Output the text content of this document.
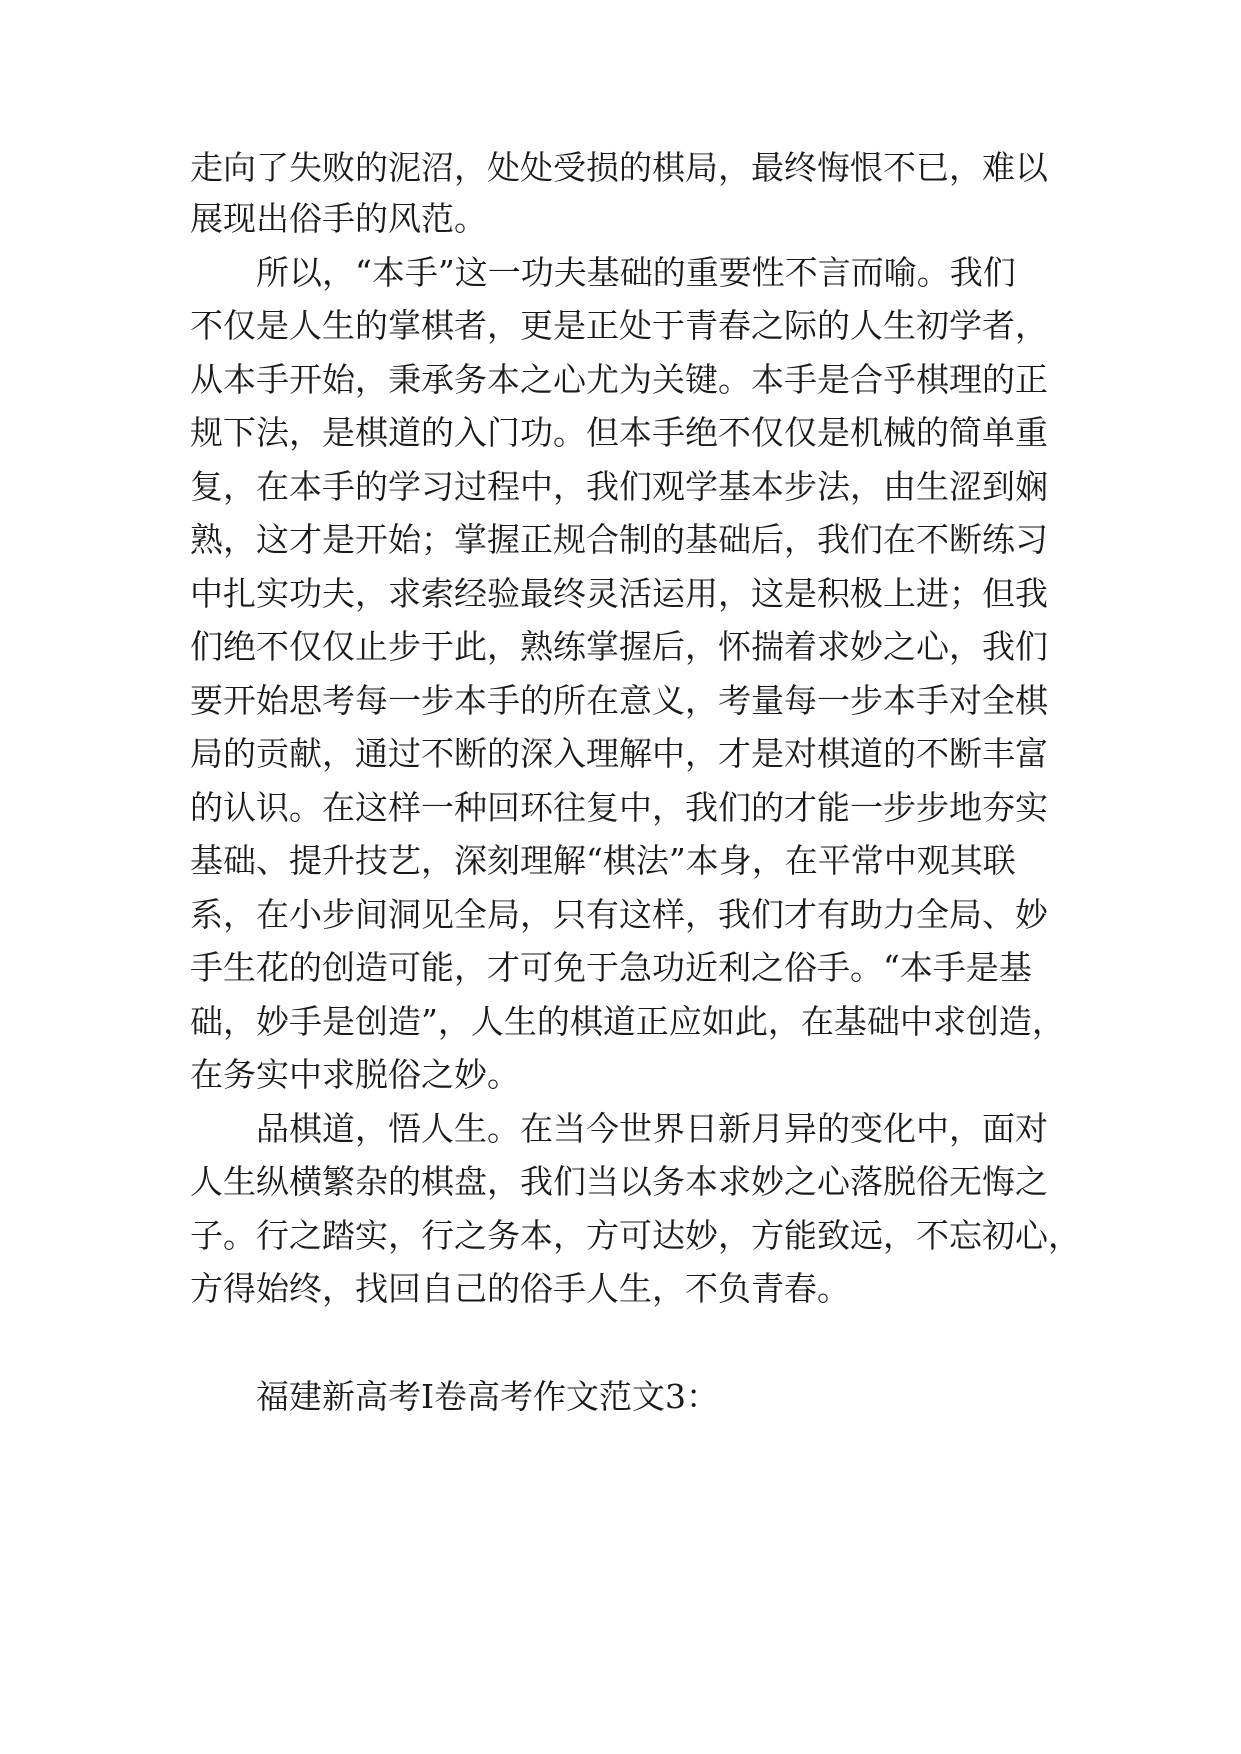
走向了失败的泥沼，处处受损的棋局，最终悔恨不已，难以
展现出俗手的风范。
所以，“本手”这一功夫基础的重要性不言而喻。我们
不仅是人生的掌棋者，更是正处于青春之际的人生初学者，
从本手开始，秉承务本之心尤为关键。本手是合乎棋理的正
规下法，是棋道的入门功。但本手绝不仅仅是机械的简单重
复，在本手的学习过程中，我们观学基本步法，由生涩到娴
熟，这才是开始；掌握正规合制的基础后，我们在不断练习
中扎实功夫，求索经验最终灵活运用，这是积极上进；但我
们绝不仅仅止步于此，熟练掌握后，怀揣着求妙之心，我们
要开始思考每一步本手的所在意义，考量每一步本手对全棋
局的贡献，通过不断的深入理解中，才是对棋道的不断丰富
的认识。在这样一种回环往复中，我们的才能一步步地夯实
基础、提升技艺，深刻理解“棋法”本身，在平常中观其联
系，在小步间洞见全局，只有这样，我们才有助力全局、妙
手生花的创造可能，才可免于急功近利之俗手。“本手是基
础，妙手是创造”，人生的棋道正应如此，在基础中求创造，
在务实中求脱俗之妙。
品棋道，悟人生。在当今世界日新月异的变化中，面对
人生纵横繁杂的棋盘，我们当以务本求妙之心落脱俗无悔之
子。行之踏实，行之务本，方可达妙，方能致远，不忘初心，
方得始终，找回自己的俗手人生，不负青春。
福建新高考Ⅰ卷高考作文范文3：
